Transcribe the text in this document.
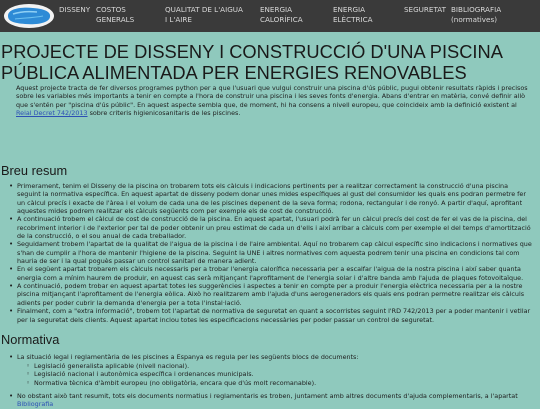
DISSENY COSTOS GENERALS
QUALITAT DE L'AIGUA I L'AIRE
ENERGIA CALORÍFICA
ENERGIA ELÈCTRICA
SEGURETAT BIBLIOGRAFIA (normatives)
PROJECTE DE DISSENY I CONSTRUCCIÓ D'UNA PISCINA PÚBLICA ALIMENTADA PER ENERGIES RENOVABLES

Aquest projecte tracta de fer diversos programes python per a que l'usuari que vulgui construir una piscina d'ús públic, pugui obtenir resultats ràpids i precisos sobre les variables més importants a tenir en compte a l'hora de construir una piscina i les seves fonts d'energia. Abans d'entrar en matèria, convé definir allò que s'entén per "piscina d'ús públic". En aquest aspecte sembla que, de moment, hi ha consens a nivell europeu, que coincideix amb la definició existent al Reial Decret 742/2013 sobre criteris higienicosanitaris de les piscines.

Breu resum
• Primerament, tenim el Disseny de la piscina on trobarem tots els càlculs i indicacions pertinents per a realitzar correctament la construcció d'una piscina seguint la normativa específica. En aquest apartat de disseny podem donar unes mides específiques al gust del consumidor les quals ens podran permetre fer un càlcul precís i exacte de l'àrea i el volum de cada una de les piscines depenent de la seva forma; rodona, rectangular i de ronyó. A partir d'aquí, aprofitant aquestes mides podrem realitzar els càlculs següents com per exemple els de cost de construcció.
• A continuació trobem el càlcul de cost de construcció de la piscina. En aquest apartat, l'usuari podrà fer un càlcul precís del cost de fer el vas de la piscina, del recobriment interior i de l'exterior per tal de poder obtenir un preu estimat de cada un d'ells i així arribar a càlculs com per exemple el del temps d'amortització de la construcció, o el sou anual de cada treballador.
• Seguidament trobem l'apartat de la qualitat de l'aigua de la piscina i de l'aire ambiental. Aquí no trobarem cap càlcul específic sino indicacions i normatives que s'han de cumplir a l'hora de mantenir l'higiene de la piscina. Seguint la UNE i altres normatives com aquesta podrem tenir una piscina en condicions tal com hauria de ser i la qual poguès passar un control sanitari de manera adient.
• En el següent apartat trobarem els càlculs necessaris per a trobar l'energia calorífica necessaria per a escalfar l'aigua de la nostra piscina i així saber quanta energia com a mínim haurem de produir, en aquest cas serà mitjançant l'aprofitament de l'energia solar i d'altre banda amb l'ajuda de plaques fotovoltaïque.
• A continuació, podem trobar en aquest apartat totes les suggerències i aspectes a tenir en compte per a produir l'energia elèctrica necessaria per a la nostre piscina mitjançant l'aprofitament de l'energia eòlica. Això ho realitzarem amb l'ajuda d'uns aerogeneradors els quals ens podran permetre realitzar els càlculs adients per poder cubrir la demanda d'energia per a tota l'instal·lació.
• Finalment, com a "extra informació", trobem tot l'apartat de normativa de seguretat en quant a socorristes seguint l'RD 742/2013 per a poder mantenir i vetllar per la seguretat dels clients. Aquest apartat inclou totes les especificacions necessàries per poder passar un control de seguretat.
Normativa
• La situació legal i reglamentària de les piscines a Espanya es regula per les següents blocs de documents:
◦ Legislació generalista aplicable (nivell nacional).
◦ Legislació nacional i autonòmica específica i ordenances municipals.
◦ Normativa tècnica d'àmbit europeu (no obligatòria, encara que d'ús molt recomanable).
• No obstant això tant resumit, tots els documents normatius i reglamentaris es troben, juntament amb altres documents d'ajuda complementaris, a l'apartat Bibliografia
